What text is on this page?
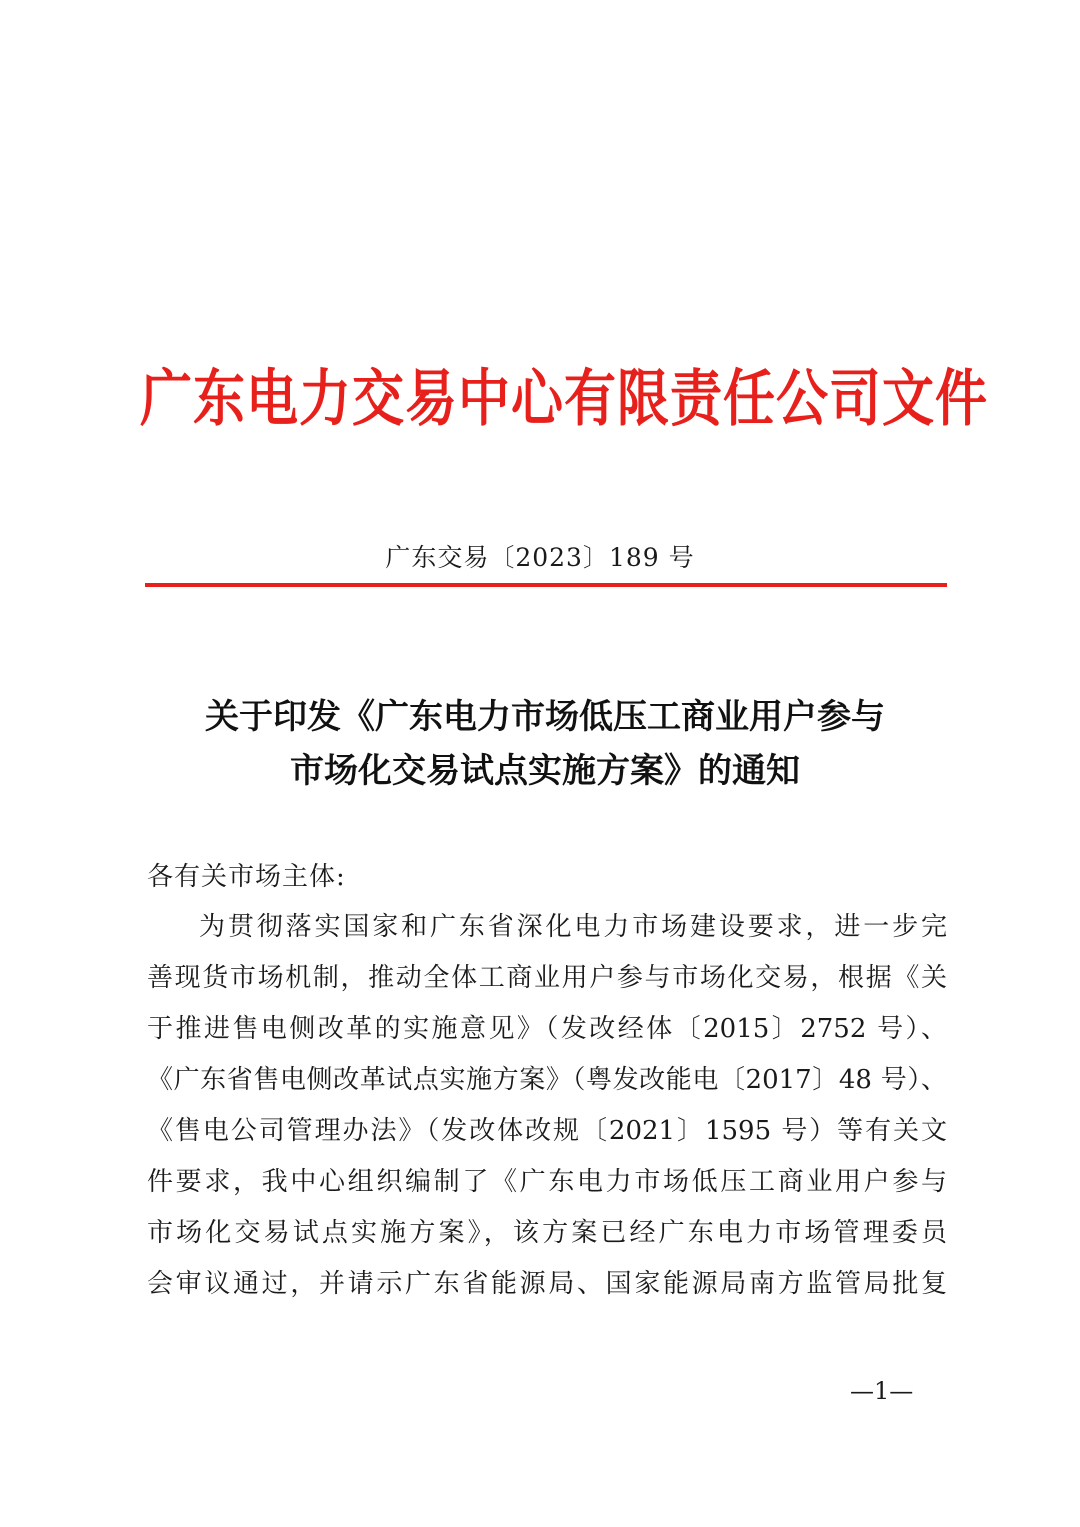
广东电力交易中心有限责任公司文件
广东交易〔2023〕189 号
关于印发《广东电力市场低压工商业用户参与
市场化交易试点实施方案》的通知
各有关市场主体:
为贯彻落实国家和广东省深化电力市场建设要求，进一步完
善现货市场机制，推动全体工商业用户参与市场化交易，根据《关
于推进售电侧改革的实施意见》（发改经体〔2015〕2752 号）、
《广东省售电侧改革试点实施方案》（粤发改能电〔2017〕48 号）、
《售电公司管理办法》（发改体改规〔2021〕1595 号）等有关文
件要求，我中心组织编制了《广东电力市场低压工商业用户参与
市场化交易试点实施方案》，该方案已经广东电力市场管理委员
会审议通过，并请示广东省能源局、国家能源局南方监管局批复
—1—
